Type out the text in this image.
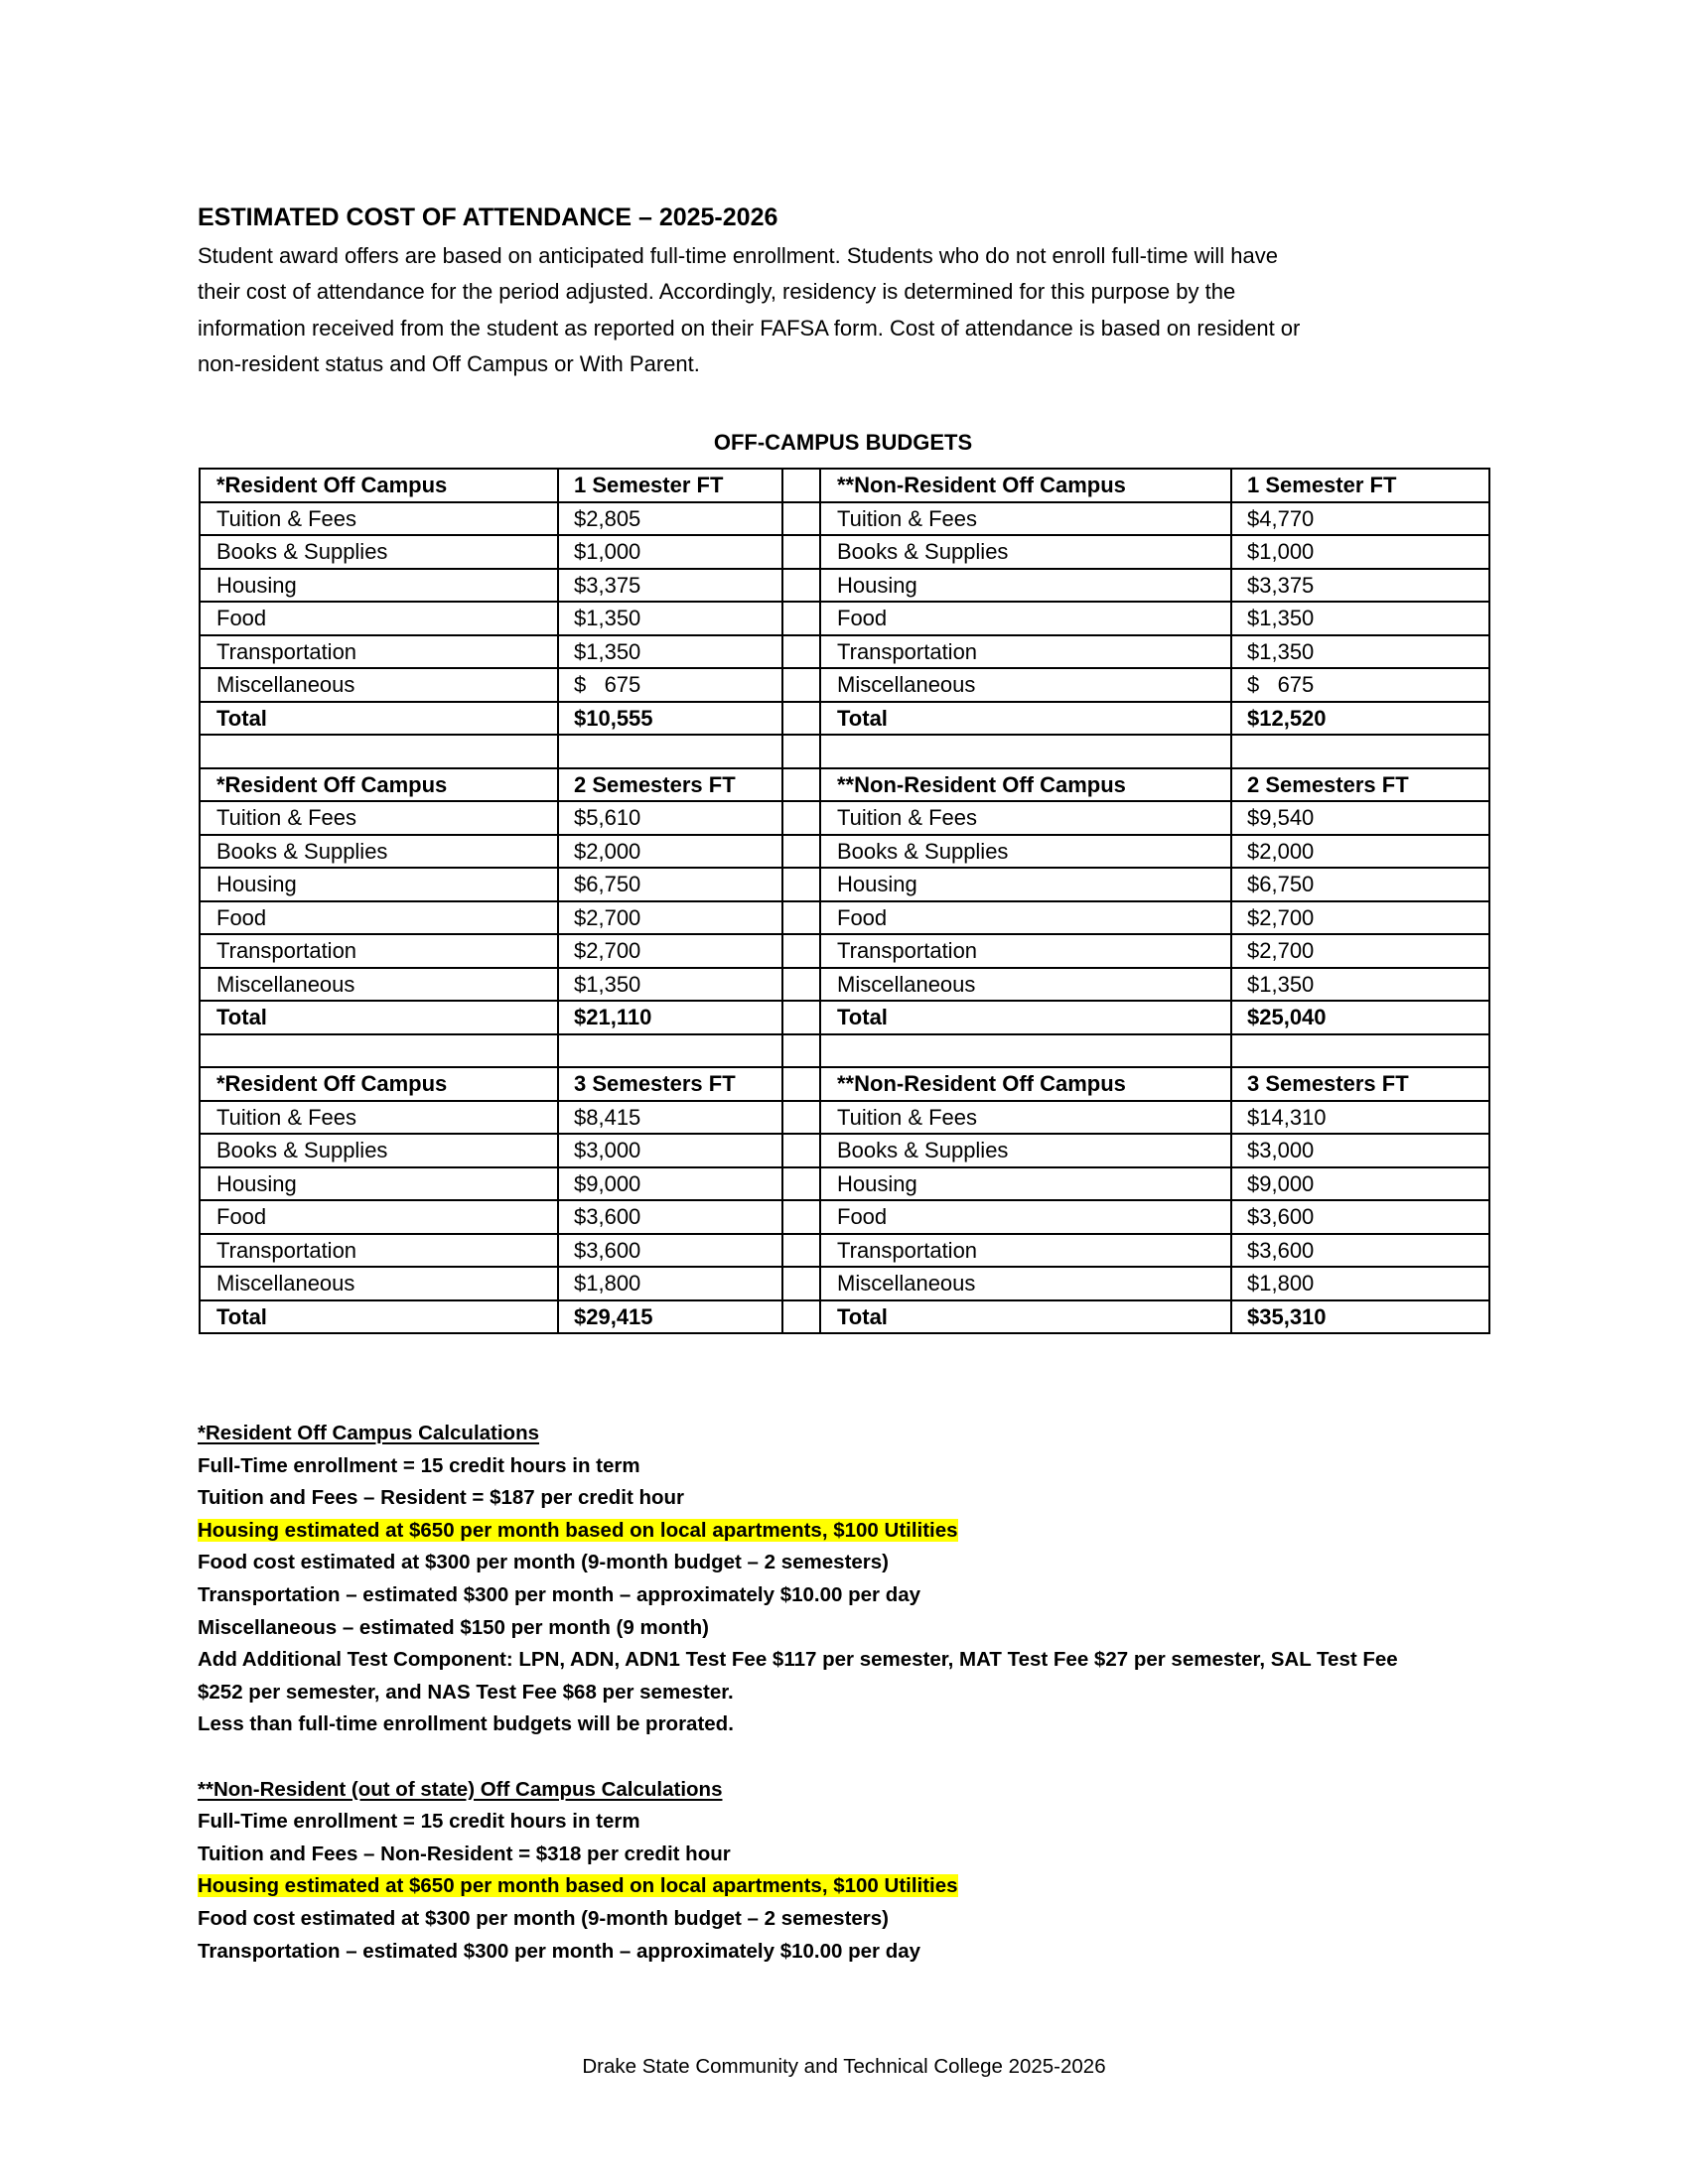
ESTIMATED COST OF ATTENDANCE – 2025-2026

Student award offers are based on anticipated full-time enrollment. Students who do not enroll full-time will have

their cost of attendance for the period adjusted. Accordingly, residency is determined for this purpose by the

information received from the student as reported on their FAFSA form. Cost of attendance is based on resident or

non-resident status and Off Campus or With Parent.

OFF-CAMPUS BUDGETS
*Resident Off Campus	1 Semester FT		**Non-Resident Off Campus	1 Semester FT
Tuition & Fees	$2,805		Tuition & Fees	$4,770
Books & Supplies	$1,000		Books & Supplies	$1,000
Housing	$3,375		Housing	$3,375
Food	$1,350		Food	$1,350
Transportation	$1,350		Transportation	$1,350
Miscellaneous	$   675		Miscellaneous	$   675
Total	$10,555		Total	$12,520

*Resident Off Campus	2 Semesters FT		**Non-Resident Off Campus	2 Semesters FT
Tuition & Fees	$5,610		Tuition & Fees	$9,540
Books & Supplies	$2,000		Books & Supplies	$2,000
Housing	$6,750		Housing	$6,750
Food	$2,700		Food	$2,700
Transportation	$2,700		Transportation	$2,700
Miscellaneous	$1,350		Miscellaneous	$1,350
Total	$21,110		Total	$25,040

*Resident Off Campus	3 Semesters FT		**Non-Resident Off Campus	3 Semesters FT
Tuition & Fees	$8,415		Tuition & Fees	$14,310
Books & Supplies	$3,000		Books & Supplies	$3,000
Housing	$9,000		Housing	$9,000
Food	$3,600		Food	$3,600
Transportation	$3,600		Transportation	$3,600
Miscellaneous	$1,800		Miscellaneous	$1,800
Total	$29,415		Total	$35,310
*Resident Off Campus Calculations
Full-Time enrollment = 15 credit hours in term
Tuition and Fees – Resident = $187 per credit hour
Housing estimated at $650 per month based on local apartments, $100 Utilities
Food cost estimated at $300 per month (9-month budget – 2 semesters)
Transportation – estimated $300 per month – approximately $10.00 per day
Miscellaneous – estimated $150 per month (9 month)
Add Additional Test Component: LPN, ADN, ADN1 Test Fee $117 per semester, MAT Test Fee $27 per semester, SAL Test Fee
$252 per semester, and NAS Test Fee $68 per semester.
Less than full-time enrollment budgets will be prorated.
**Non-Resident (out of state) Off Campus Calculations
Full-Time enrollment = 15 credit hours in term
Tuition and Fees – Non-Resident = $318 per credit hour
Housing estimated at $650 per month based on local apartments, $100 Utilities
Food cost estimated at $300 per month (9-month budget – 2 semesters)
Transportation – estimated $300 per month – approximately $10.00 per day
Drake State Community and Technical College 2025-2026
